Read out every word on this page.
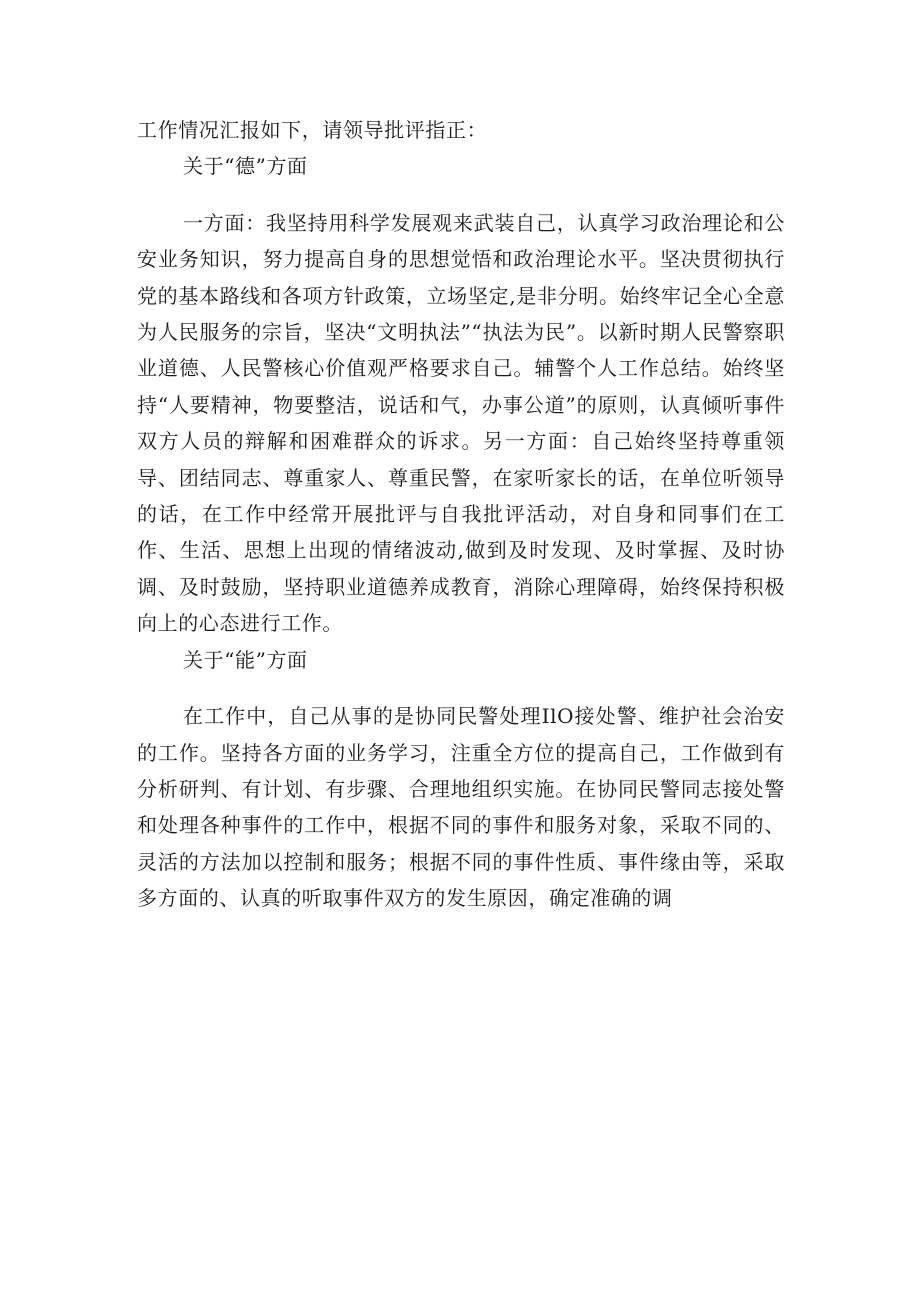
工作情况汇报如下，请领导批评指正：

关于“德”方面

一方面：我坚持用科学发展观来武装自己，认真学习政治理论和公安业务知识，努力提高自身的思想觉悟和政治理论水平。坚决贯彻执行党的基本路线和各项方针政策，立场坚定,是非分明。始终牢记全心全意为人民服务的宗旨，坚决“文明执法”“执法为民”。以新时期人民警察职业道德、人民警核心价值观严格要求自己。辅警个人工作总结。始终坚持“人要精神，物要整洁，说话和气，办事公道”的原则，认真倾听事件双方人员的辩解和困难群众的诉求。另一方面：自己始终坚持尊重领导、团结同志、尊重家人、尊重民警，在家听家长的话，在单位听领导的话，在工作中经常开展批评与自我批评活动，对自身和同事们在工作、生活、思想上出现的情绪波动,做到及时发现、及时掌握、及时协调、及时鼓励，坚持职业道德养成教育，消除心理障碍，始终保持积极向上的心态进行工作。

关于“能”方面

在工作中，自己从事的是协同民警处理IlO接处警、维护社会治安的工作。坚持各方面的业务学习，注重全方位的提高自己，工作做到有分析研判、有计划、有步骤、合理地组织实施。在协同民警同志接处警和处理各种事件的工作中，根据不同的事件和服务对象，采取不同的、灵活的方法加以控制和服务；根据不同的事件性质、事件缘由等，采取多方面的、认真的听取事件双方的发生原因，确定准确的调
